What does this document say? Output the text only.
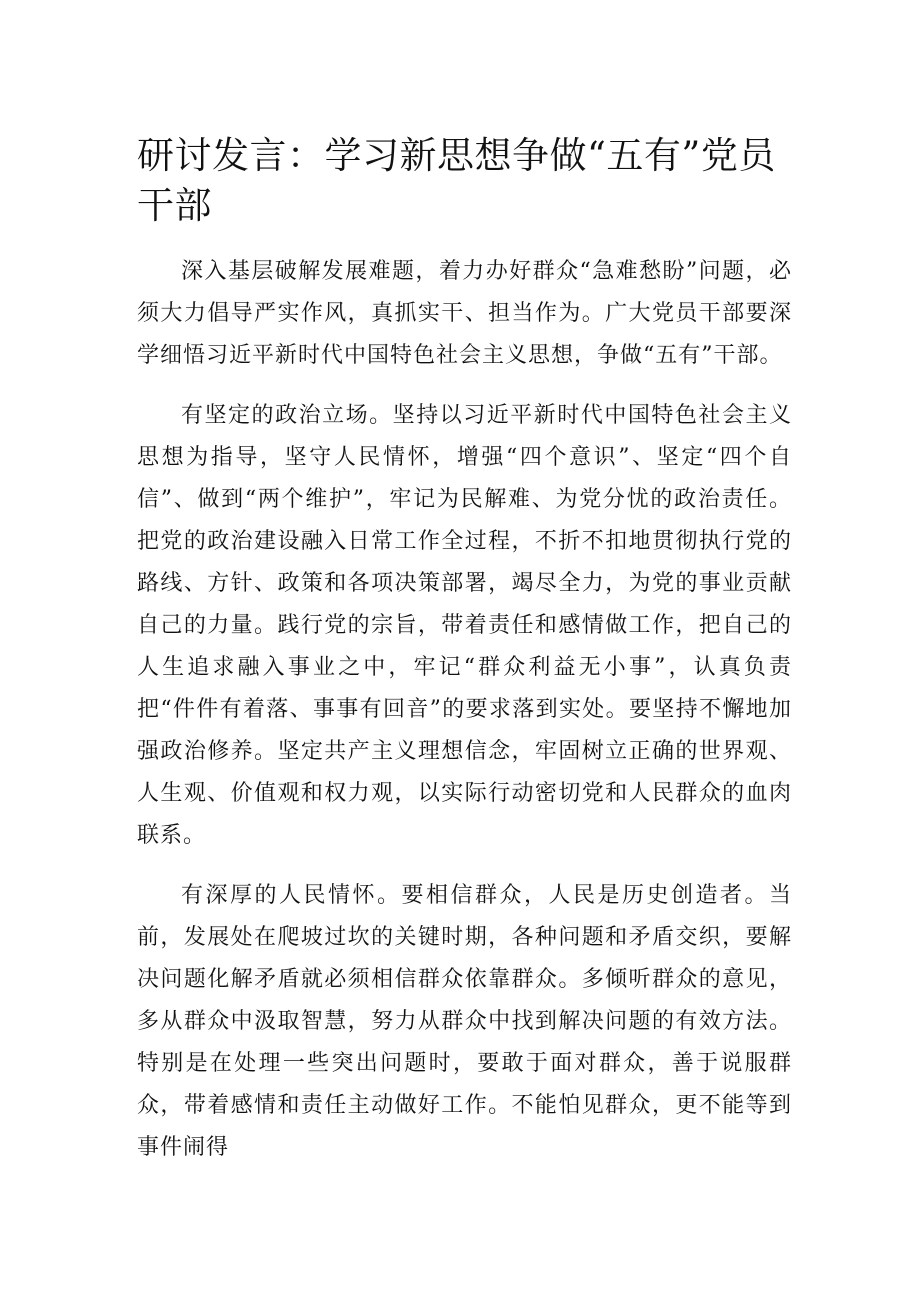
研讨发言：学习新思想争做“五有”党员干部

深入基层破解发展难题，着力办好群众“急难愁盼”问题，必须大力倡导严实作风，真抓实干、担当作为。广大党员干部要深学细悟习近平新时代中国特色社会主义思想，争做“五有”干部。

有坚定的政治立场。坚持以习近平新时代中国特色社会主义思想为指导，坚守人民情怀，增强“四个意识”、坚定“四个自信”、做到“两个维护”，牢记为民解难、为党分忧的政治责任。把党的政治建设融入日常工作全过程，不折不扣地贯彻执行党的路线、方针、政策和各项决策部署，竭尽全力，为党的事业贡献自己的力量。践行党的宗旨，带着责任和感情做工作，把自己的人生追求融入事业之中，牢记“群众利益无小事”，认真负责把“件件有着落、事事有回音”的要求落到实处。要坚持不懈地加强政治修养。坚定共产主义理想信念，牢固树立正确的世界观、人生观、价值观和权力观，以实际行动密切党和人民群众的血肉联系。

有深厚的人民情怀。要相信群众，人民是历史创造者。当前，发展处在爬坡过坎的关键时期，各种问题和矛盾交织，要解决问题化解矛盾就必须相信群众依靠群众。多倾听群众的意见，多从群众中汲取智慧，努力从群众中找到解决问题的有效方法。特别是在处理一些突出问题时，要敢于面对群众，善于说服群众，带着感情和责任主动做好工作。不能怕见群众，更不能等到事件闹得
